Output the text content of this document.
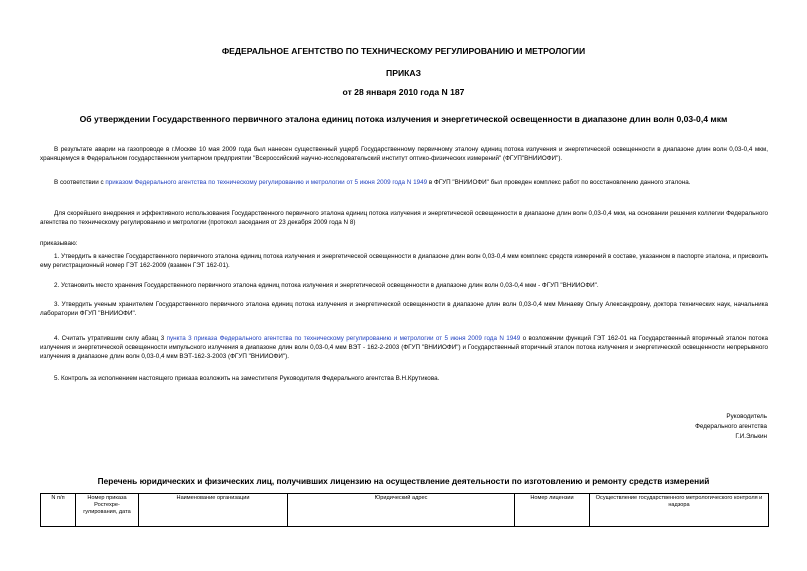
ФЕДЕРАЛЬНОЕ АГЕНТСТВО ПО ТЕХНИЧЕСКОМУ РЕГУЛИРОВАНИЮ И МЕТРОЛОГИИ
ПРИКАЗ
от 28 января 2010 года N 187
Об утверждении Государственного первичного эталона единиц потока излучения и энергетической освещенности в диапазоне длин волн 0,03-0,4 мкм
В результате аварии на газопроводе в г.Москве 10 мая 2009 года был нанесен существенный ущерб Государственному первичному эталону единиц потока излучения и энергетической освещенности в диапазоне длин волн 0,03-0,4 мкм, хранящемуся в Федеральном государственном унитарном предприятии "Всероссийский научно-исследовательский институт оптико-физических измерений" (ФГУП"ВНИИОФИ").
В соответствии с приказом Федерального агентства по техническому регулированию и метрологии от 5 июня 2009 года N 1949 в ФГУП "ВНИИОФИ" был проведен комплекс работ по восстановлению данного эталона.
Для скорейшего внедрения и эффективного использования Государственного первичного эталона единиц потока излучения и энергетической освещенности в диапазоне длин волн 0,03-0,4 мкм, на основании решения коллегии Федерального агентства по техническому регулированию и метрологии (протокол заседания от 23 декабря 2009 года N 8)
приказываю:
1. Утвердить в качестве Государственного первичного эталона единиц потока излучения и энергетической освещенности в диапазоне длин волн 0,03-0,4 мкм комплекс средств измерений в составе, указанном в паспорте эталона, и присвоить ему регистрационный номер ГЭТ 162-2009 (взамен ГЭТ 162-01).
2. Установить место хранения Государственного первичного эталона единиц потока излучения и энергетической освещенности в диапазоне длин волн 0,03-0,4 мкм - ФГУП "ВНИИОФИ".
3. Утвердить ученым хранителем Государственного первичного эталона единиц потока излучения и энергетической освещенности в диапазоне длин волн 0,03-0,4 мкм Минаеву Ольгу Александровну, доктора технических наук, начальника лаборатории ФГУП "ВНИИОФИ".
4. Считать утратившим силу абзац 3 пункта 3 приказа Федерального агентства по техническому регулированию и метрологии от 5 июня 2009 года N 1949 о возложении функций ГЭТ 162-01 на Государственный вторичный эталон потока излучения и энергетической освещенности импульсного излучения в диапазоне длин волн 0,03-0,4 мкм ВЭТ - 162-2-2003 (ФГУП "ВНИИОФИ") и Государственный вторичный эталон потока излучения и энергетической освещенности непрерывного излучения в диапазоне длин волн 0,03-0,4 мкм ВЭТ-162-3-2003 (ФГУП "ВНИИОФИ").
5. Контроль за исполнением настоящего приказа возложить на заместителя Руководителя Федерального агентства В.Н.Крутикова.
Руководитель
Федерального агентства
Г.И.Элькин
Перечень юридических и физических лиц, получивших лицензию на осуществление деятельности по изготовлению и ремонту средств измерений
N п/п	Номер приказа Ростехре- гулирования, дата	Наименование организации	Юридический адрес	Номер лицензии	Осуществление государственного метрологического контроля и надзора
